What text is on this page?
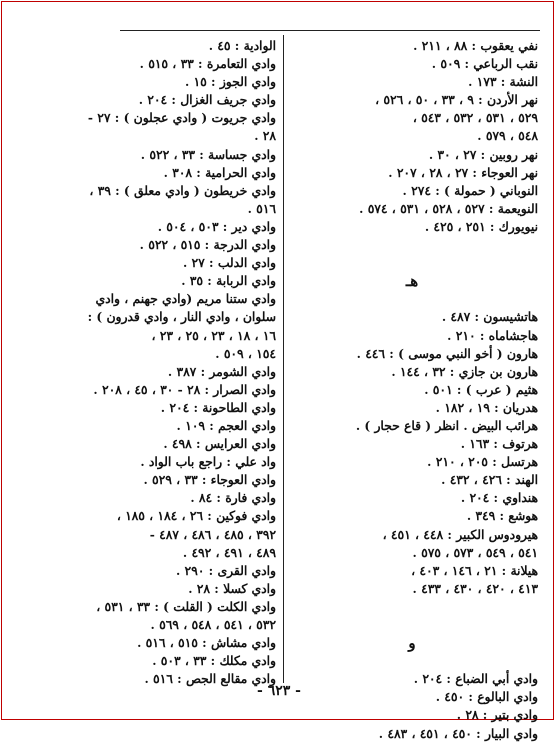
نفي يعقوب : ٨٨ ، ٢١١ .
نقب الرباعي : ٥٠٩ .
النشة : ١٧٣ .
نهر الأردن : ٩ ، ٣٣ ، ٥٠ ، ٥٢٦ ،
٥٢٩ ، ٥٣١ ، ٥٣٢ ، ٥٤٣ ،
٥٤٨ ، ٥٧٩ .
نهر روبين : ٢٧ ، ٣٠ .
نهر العوجاء : ٢٧ ، ٢٨ ، ٢٠٧ .
النوباني ( حمولة ) : ٢٧٤ .
النويعمة : ٥٢٧ ، ٥٢٨ ، ٥٣١ ، ٥٧٤ .
نيويورك : ٢٥١ ، ٤٢٥ .
هـ
هاتشيسون : ٤٨٧ .
هاجشاماه : ٢١٠ .
هارون ( أخو النبي موسى ) : ٤٤٦ .
هارون بن جازي : ٣٢ ، ١٤٤ .
هثيم ( عرب ) : ٥٠١ .
هدريان : ١٩ ، ١٨٢ .
هرائب البيض . انظر ( قاع حجار ) .
هرتوف : ١٦٣ .
هرتسل : ٢٠٥ ، ٢١٠ .
الهند : ٤٢٦ ، ٤٣٢ .
هنداوي : ٢٠٤ .
هوشع : ٣٤٩ .
هيرودوس الكبير : ٤٤٨ ، ٤٥١ ،
٥٤١ ، ٥٤٩ ، ٥٧٣ ، ٥٧٥ .
هيلانة : ٢١ ، ١٤٦ ، ٤٠٣ ،
٤١٣ ، ٤٢٠ ، ٤٣٠ ، ٤٣٣ .
و
وادي أبي الضباع : ٢٠٤ .
وادي البالوع : ٤٥٠ .
وادي بتير : ٢٨ .
وادي البيار : ٤٥٠ ، ٤٥١ ، ٤٨٣ .
الوادية : ٤٥ .
وادي التعامرة : ٣٣ ، ٥١٥ .
وادي الجوز : ١٥ .
وادي جريف الغزال : ٢٠٤ .
وادي جريوت ( وادي عجلون ) : ٢٧ -
٢٨ .
وادي جساسة : ٣٣ ، ٥٢٢ .
وادي الحرامية : ٣٠٨ .
وادي خريطون ( وادي معلق ) : ٣٩ ،
٥١٦ .
وادي دير : ٥٠٣ ، ٥٠٤ .
وادي الدرجة : ٥١٥ ، ٥٢٢ .
وادي الدلب : ٢٧ .
وادي الربابة : ٣٥ .
وادي ستنا مريم (وادي جهنم ، وادي
سلوان ، وادي النار ، وادي قدرون ) :
١٦ ، ١٨ ، ٢٣ ، ٢٥ ، ٢٣ ،
١٥٤ ، ٥٠٩ .
وادي الشومر : ٣٨٧ .
وادي الصرار : ٢٨ - ٣٠ ، ٤٥ ، ٢٠٨ .
وادي الطاحونة : ٢٠٤ .
وادي العجم : ١٠٩ .
وادي العرايس : ٤٩٨ .
واد علي : راجع باب الواد .
وادي العوجاء : ٣٣ ، ٥٢٩ .
وادي فارة : ٨٤ .
وادي فوكين : ٢٦ ، ١٨٤ ، ١٨٥ ،
٣٩٢ ، ٤٨٥ ، ٤٨٦ ، ٤٨٧ -
٤٨٩ ، ٤٩١ ، ٤٩٢ .
وادي القرى : ٢٩٠ .
وادي كسلا : ٢٨ .
وادي الكلت ( القلت ) : ٣٣ ، ٥٣١ ،
٥٣٢ ، ٥٤١ ، ٥٤٨ ، ٥٦٩ .
وادي مشاش : ٥١٥ ، ٥١٦ .
وادي مكلك : ٣٣ ، ٥٠٣ .
وادي مقالع الجص : ٥١٦ .
- ٦٢٣ -
